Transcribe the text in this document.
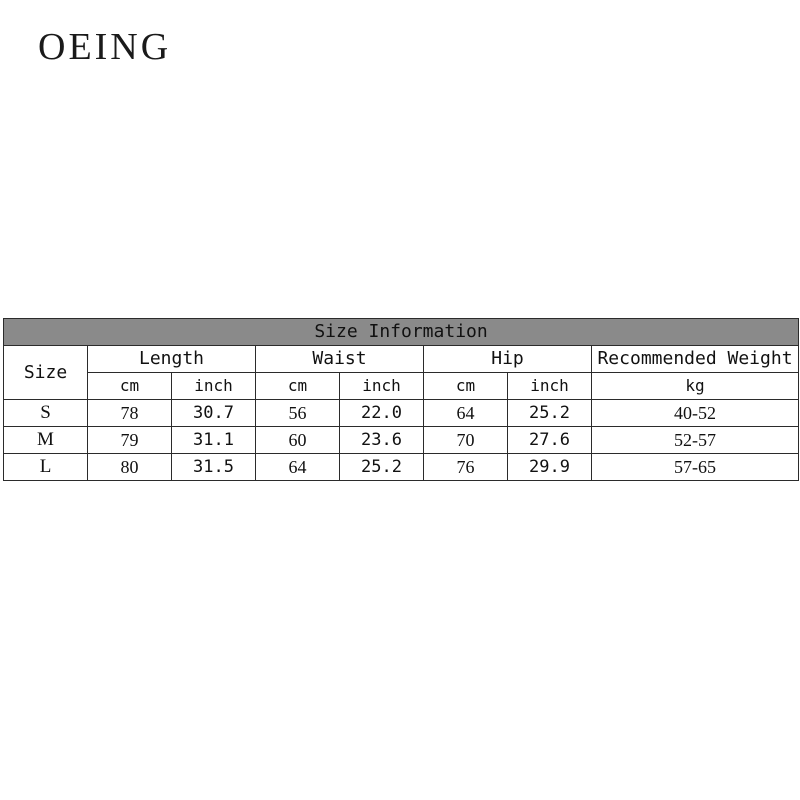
OEING
Size Information							
Size	Length		Waist		Hip		Recommended Weight
	cm	inch	cm	inch	cm	inch	kg
S	78	30.7	56	22.0	64	25.2	40-52
M	79	31.1	60	23.6	70	27.6	52-57
L	80	31.5	64	25.2	76	29.9	57-65
